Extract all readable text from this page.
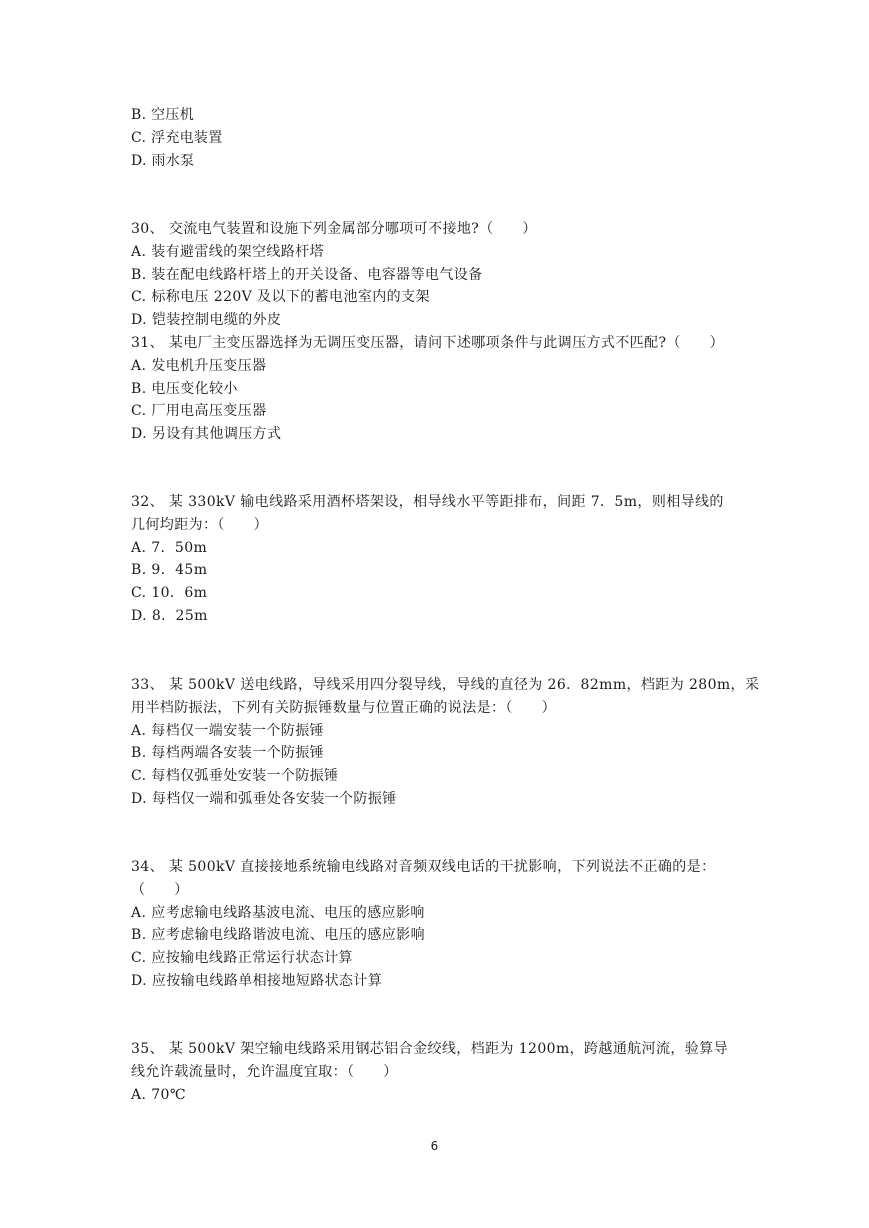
B. 空压机
C. 浮充电装置
D. 雨水泵
30、 交流电气装置和设施下列金属部分哪项可不接地?（　　）
A. 装有避雷线的架空线路杆塔
B. 装在配电线路杆塔上的开关设备、电容器等电气设备
C. 标称电压 220V 及以下的蓄电池室内的支架
D. 铠装控制电缆的外皮
31、 某电厂主变压器选择为无调压变压器，请问下述哪项条件与此调压方式不匹配?（　　）
A. 发电机升压变压器
B. 电压变化较小
C. 厂用电高压变压器
D. 另设有其他调压方式
32、 某 330kV 输电线路采用酒杯塔架设，相导线水平等距排布，间距 7．5m，则相导线的
几何均距为：（　　）
A. 7．50m
B. 9．45m
C. 10．6m
D. 8．25m
33、 某 500kV 送电线路，导线采用四分裂导线，导线的直径为 26．82mm，档距为 280m，采
用半档防振法，下列有关防振锤数量与位置正确的说法是：（　　）
A. 每档仅一端安装一个防振锤
B. 每档两端各安装一个防振锤
C. 每档仅弧垂处安装一个防振锤
D. 每档仅一端和弧垂处各安装一个防振锤
34、 某 500kV 直接接地系统输电线路对音频双线电话的干扰影响，下列说法不正确的是：
（　　）
A. 应考虑输电线路基波电流、电压的感应影响
B. 应考虑输电线路谐波电流、电压的感应影响
C. 应按输电线路正常运行状态计算
D. 应按输电线路单相接地短路状态计算
35、 某 500kV 架空输电线路采用钢芯铝合金绞线，档距为 1200m，跨越通航河流，验算导
线允许载流量时，允许温度宜取：（　　）
A. 70℃
6
